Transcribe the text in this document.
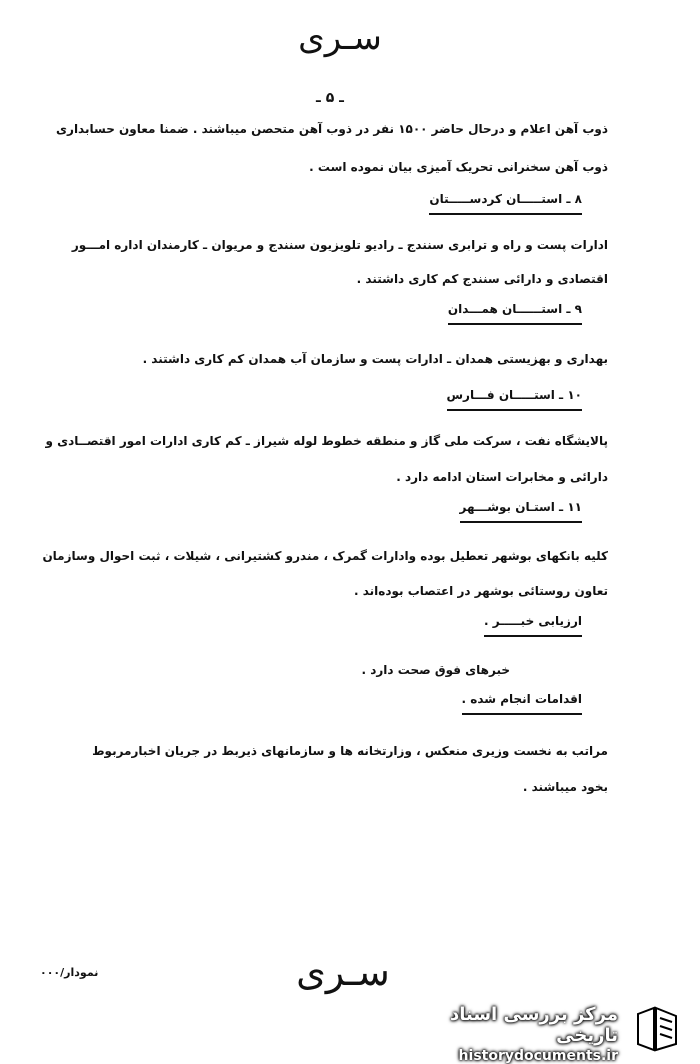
سـری
ـ ۵ ـ
ذوب آهن اعلام و درحال حاضر ۱۵۰۰ نفر در ذوب آهن متحصن میباشند . ضمنا معاون حسابداری
ذوب آهن سخنرانی تحریک آمیزی بیان نموده است .
۸ ـ استـــــان کردســـــتان
ادارات پست و راه و ترابری سنندج ـ رادیو تلویزیون سنندج و مریوان ـ کارمندان اداره امـــور
اقتصادی و دارائی سنندج کم کاری داشتند .
۹ ـ استــــــان همـــدان
بهداری و بهزیستی همدان ـ ادارات پست و سازمان آب همدان کم کاری داشتند .
۱۰ ـ استـــــان فـــارس
پالایشگاه نفت ، سرکت ملی گاز و منطقه خطوط لوله شیراز ـ کم کاری ادارات امور اقتصــادی و
دارائی و مخابرات استان ادامه دارد .
۱۱ ـ استـان بوشـــهر
کلیه بانکهای بوشهر تعطیل بوده وادارات گمرک ، مندرو کشتیرانی ، شیلات ، ثبت احوال وسازمان
تعاون روستائی بوشهر در اعتصاب بوده‌اند .
ارزیابی خبـــــر .
خبرهای فوق صحت دارد .
اقدامات انجام شده .
مراتب به نخست وزیری منعکس ، وزارتخانه ها و سازمانهای ذیربط در جریان اخبارمربوط
بخود میباشند .
نمودار/۰۰۰	سـری
مرکز بررسی اسناد تاریخی
historydocuments.ir
